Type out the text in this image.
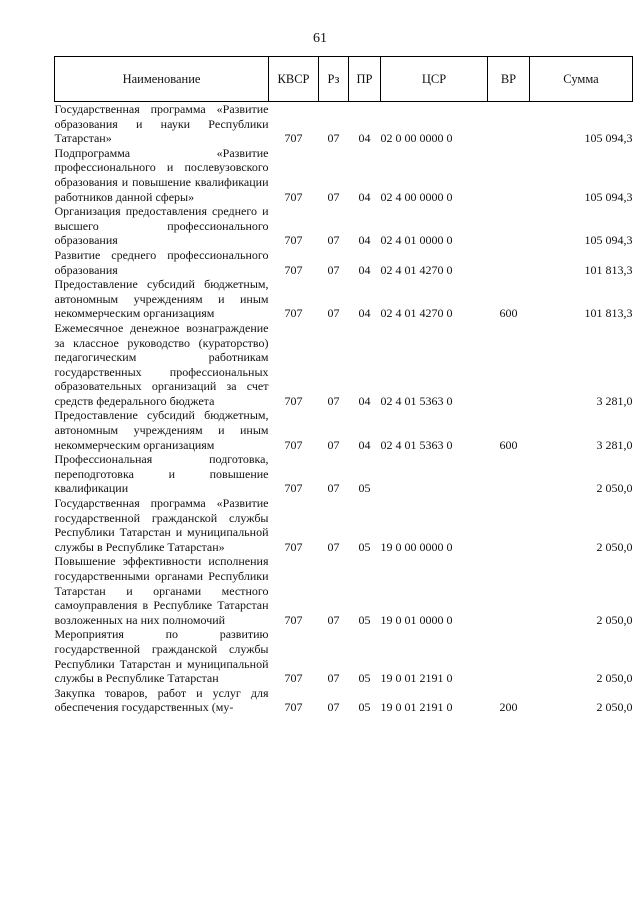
61
Наименование	КВСР	Рз	ПР	ЦСР	ВР	Сумма
Государственная программа «Развитие образования и науки Республики Татарстан»	707	07	04	02 0 00 0000 0		105 094,3
Подпрограмма «Развитие профессионального и послевузовского образования и повышение квалификации работников данной сферы»	707	07	04	02 4 00 0000 0		105 094,3
Организация предоставления среднего и высшего профессионального образования	707	07	04	02 4 01 0000 0		105 094,3
Развитие среднего профессионального образования	707	07	04	02 4 01 4270 0		101 813,3
Предоставление субсидий бюджетным, автономным учреждениям и иным некоммерческим организациям	707	07	04	02 4 01 4270 0	600	101 813,3
Ежемесячное денежное вознаграждение за классное руководство (кураторство) педагогическим работникам государственных профессиональных образовательных организаций за счет средств федерального бюджета	707	07	04	02 4 01 5363 0		3 281,0
Предоставление субсидий бюджетным, автономным учреждениям и иным некоммерческим организациям	707	07	04	02 4 01 5363 0	600	3 281,0
Профессиональная подготовка, переподготовка и повышение квалификации	707	07	05			2 050,0
Государственная программа «Развитие государственной гражданской службы Республики Татарстан и муниципальной службы в Республике Татарстан»	707	07	05	19 0 00 0000 0		2 050,0
Повышение эффективности исполнения государственными органами Республики Татарстан и органами местного самоуправления в Республике Татарстан возложенных на них полномочий	707	07	05	19 0 01 0000 0		2 050,0
Мероприятия по развитию государственной гражданской службы Республики Татарстан и муниципальной службы в Республике Татарстан	707	07	05	19 0 01 2191 0		2 050,0
Закупка товаров, работ и услуг для обеспечения государственных (му-	707	07	05	19 0 01 2191 0	200	2 050,0
